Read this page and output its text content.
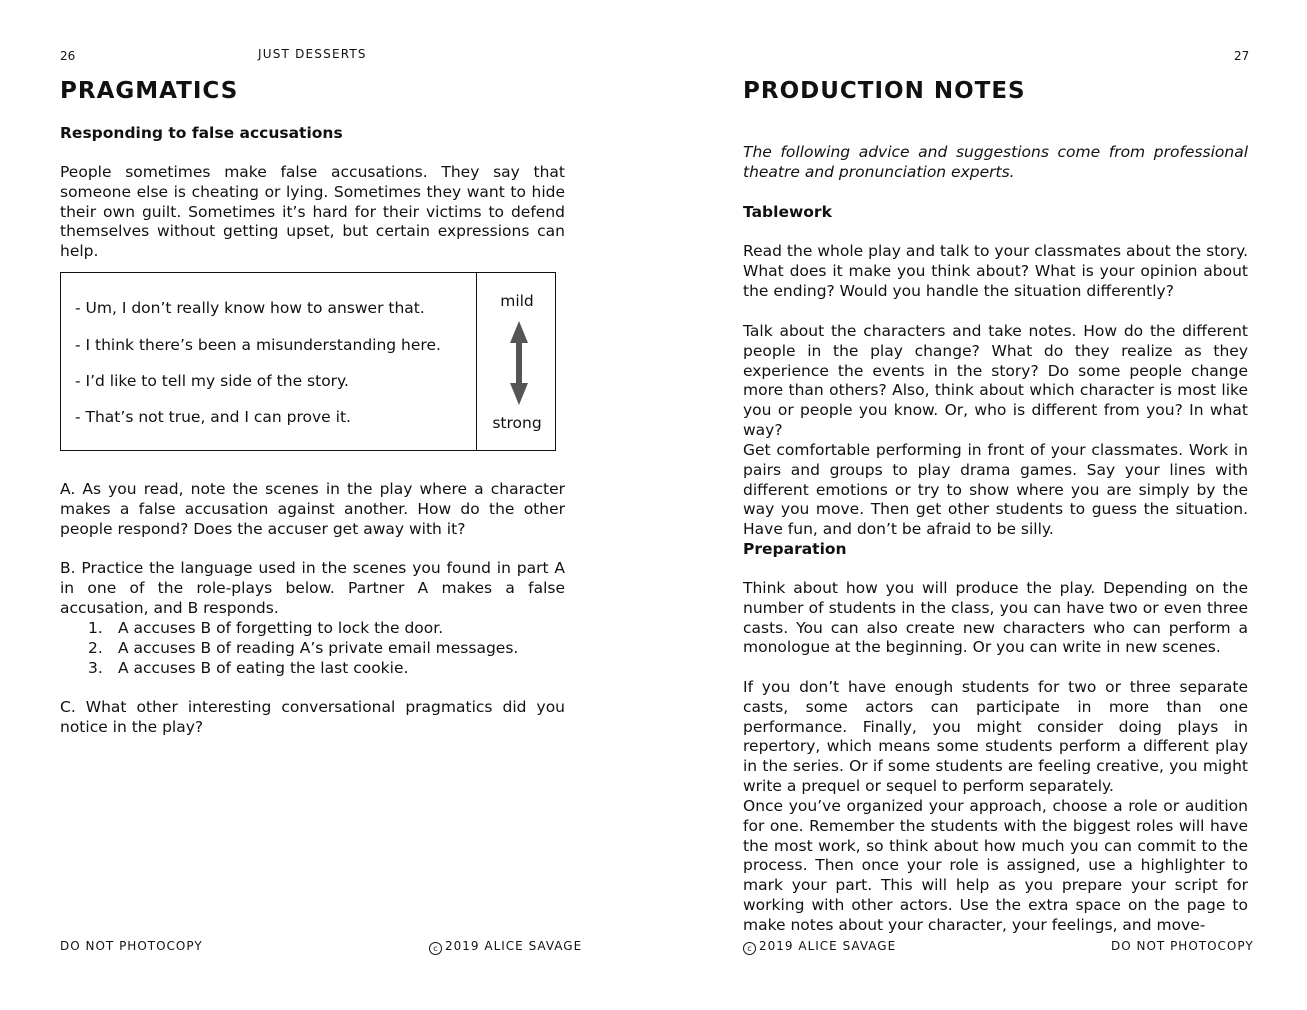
26	JUST DESSERTS
PRAGMATICS
Responding to false accusations

People sometimes make false accusations. They say that someone else is cheating or lying. Sometimes they want to hide their own guilt. Sometimes it’s hard for their victims to defend themselves without getting upset, but certain expressions can help.

- Um, I don’t really know how to answer that.

- I think there’s been a misunderstanding here.

- I’d like to tell my side of the story.

- That’s not true, and I can prove it.

mild
strong

A. As you read, note the scenes in the play where a character makes a false accusation against another. How do the other people respond? Does the accuser get away with it?

B. Practice the language used in the scenes you found in part A in one of the role-plays below. Partner A makes a false accusation, and B responds.

1. A accuses B of forgetting to lock the door.
2. A accuses B of reading A’s private email messages.
3. A accuses B of eating the last cookie.

C. What other interesting conversational pragmatics did you notice in the play?

DO NOT PHOTOCOPY	c 2019 ALICE SAVAGE
27
PRODUCTION NOTES

The following advice and suggestions come from professional theatre and pronunciation experts.

Tablework

Read the whole play and talk to your classmates about the story. What does it make you think about? What is your opinion about the ending? Would you handle the situation differently?

Talk about the characters and take notes. How do the different people in the play change? What do they realize as they experience the events in the story? Do some people change more than others? Also, think about which character is most like you or people you know. Or, who is different from you? In what way?

Get comfortable performing in front of your classmates. Work in pairs and groups to play drama games. Say your lines with different emotions or try to show where you are simply by the way you move. Then get other students to guess the situation. Have fun, and don’t be afraid to be silly.

Preparation

Think about how you will produce the play. Depending on the number of students in the class, you can have two or even three casts. You can also create new characters who can perform a monologue at the beginning. Or you can write in new scenes.

If you don’t have enough students for two or three separate casts, some actors can participate in more than one performance. Finally, you might consider doing plays in repertory, which means some students perform a different play in the series. Or if some students are feeling creative, you might write a prequel or sequel to perform separately.

Once you’ve organized your approach, choose a role or audition for one. Remember the students with the biggest roles will have the most work, so think about how much you can commit to the process. Then once your role is assigned, use a highlighter to mark your part. This will help as you prepare your script for working with other actors. Use the extra space on the page to make notes about your character, your feelings, and move-

c 2019 ALICE SAVAGE	DO NOT PHOTOCOPY
